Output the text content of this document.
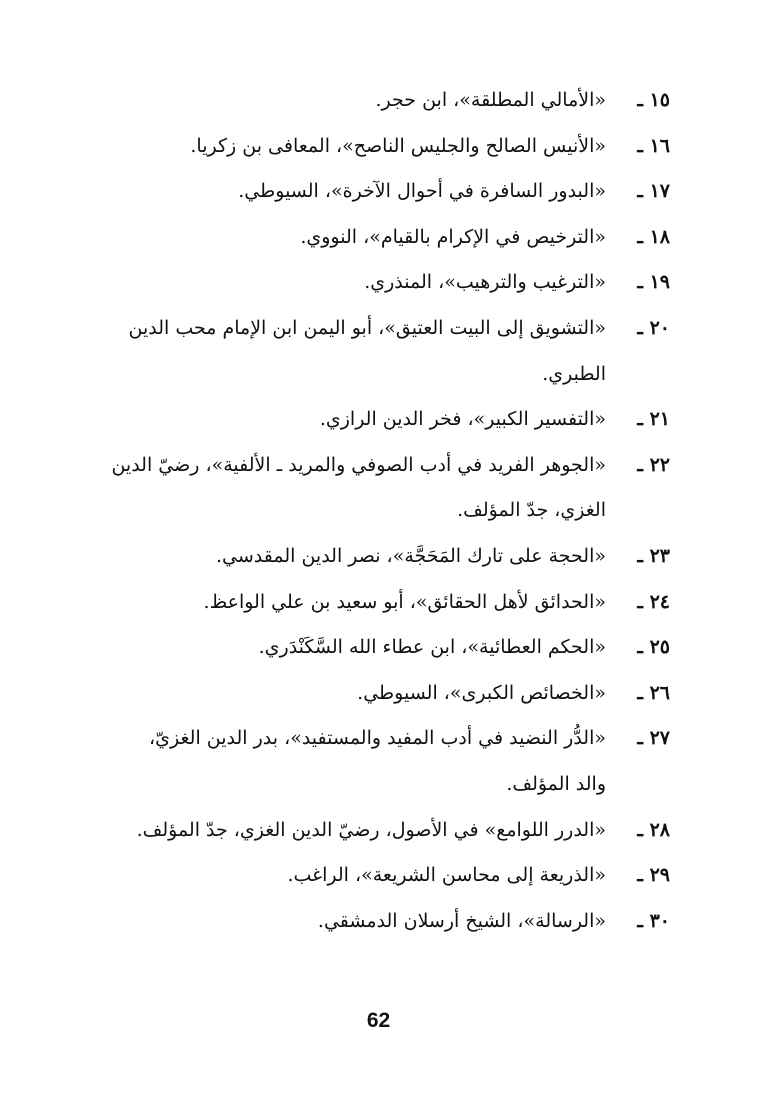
١٥ ـ
«الأمالي المطلقة»، ابن حجر.
١٦ ـ
«الأنيس الصالح والجليس الناصح»، المعافى بن زكريا.
١٧ ـ
«البدور السافرة في أحوال الآخرة»، السيوطي.
١٨ ـ
«الترخيص في الإكرام بالقيام»، النووي.
١٩ ـ
«الترغيب والترهيب»، المنذري.
٢٠ ـ
«التشويق إلى البيت العتيق»، أبو اليمن ابن الإمام محب الدين
الطبري.
٢١ ـ
«التفسير الكبير»، فخر الدين الرازي.
٢٢ ـ
«الجوهر الفريد في أدب الصوفي والمريد ـ الألفية»، رضيّ الدين
الغزي، جدّ المؤلف.
٢٣ ـ
«الحجة على تارك المَحَجَّة»، نصر الدين المقدسي.
٢٤ ـ
«الحدائق لأهل الحقائق»، أبو سعيد بن علي الواعظ.
٢٥ ـ
«الحكم العطائية»، ابن عطاء الله السَّكَنْدَري.
٢٦ ـ
«الخصائص الكبرى»، السيوطي.
٢٧ ـ
«الدُّر النضيد في أدب المفيد والمستفيد»، بدر الدين الغزيّ،
والد المؤلف.
٢٨ ـ
«الدرر اللوامع» في الأصول، رضيّ الدين الغزي، جدّ المؤلف.
٢٩ ـ
«الذريعة إلى محاسن الشريعة»، الراغب.
٣٠ ـ
«الرسالة»، الشيخ أرسلان الدمشقي.
62
